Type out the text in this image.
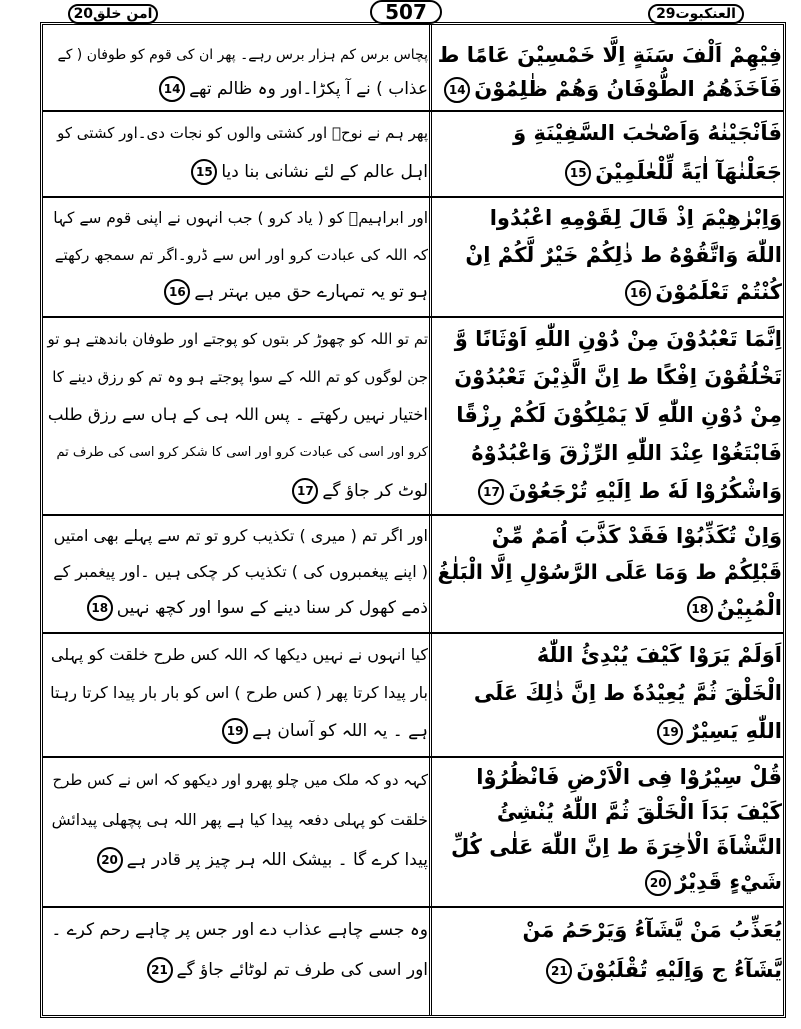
امن خلق20	507	العنکبوت29
فِيْهِمْ اَلْفَ سَنَةٍ اِلَّا خَمْسِيْنَ عَامًا ط
فَاَخَذَهُمُ الطُّوْفَانُ وَهُمْ ظٰلِمُوْنَ14
پچاس برس کم ہزار برس رہے۔ پھر ان کی قوم کو طوفان ( کے
عذاب ) نے آ پکڑا۔اور وہ ظالم تھے14
فَاَنْجَيْنٰهُ وَاَصْحٰبَ السَّفِيْنَةِ وَ
جَعَلْنٰهَآ اٰيَةً لِّلْعٰلَمِيْنَ15
پھر ہم نے نوحؑ اور کشتی والوں کو نجات دی۔اور کشتی کو
اہل عالم کے لئے نشانی بنا دیا15
وَاِبْرٰهِيْمَ اِذْ قَالَ لِقَوْمِهِ اعْبُدُوا
اللّٰهَ وَاتَّقُوْهُ ط ذٰلِكُمْ خَيْرٌ لَّكُمْ اِنْ
كُنْتُمْ تَعْلَمُوْنَ16
اور ابراہیمؑ کو ( یاد کرو ) جب انہوں نے اپنی قوم سے کہا
کہ اللہ کی عبادت کرو اور اس سے ڈرو۔اگر تم سمجھ رکھتے
ہو تو یہ تمہارے حق میں بہتر ہے16
اِنَّمَا تَعْبُدُوْنَ مِنْ دُوْنِ اللّٰهِ اَوْثَانًا وَّ
تَخْلُقُوْنَ اِفْكًا ط اِنَّ الَّذِيْنَ تَعْبُدُوْنَ
مِنْ دُوْنِ اللّٰهِ لَا يَمْلِكُوْنَ لَكُمْ رِزْقًا
فَابْتَغُوْا عِنْدَ اللّٰهِ الرِّزْقَ وَاعْبُدُوْهُ
وَاشْكُرُوْا لَهٗ ط اِلَيْهِ تُرْجَعُوْنَ17
تم تو اللہ کو چھوڑ کر بتوں کو پوجتے اور طوفان باندھتے ہو تو
جن لوگوں کو تم اللہ کے سوا پوجتے ہو وہ تم کو رزق دینے کا
اختیار نہیں رکھتے ۔ پس اللہ ہی کے ہاں سے رزق طلب
کرو اور اسی کی عبادت کرو اور اسی کا شکر کرو اسی کی طرف تم
لوٹ کر جاؤ گے17
وَاِنْ تُكَذِّبُوْا فَقَدْ كَذَّبَ اُمَمٌ مِّنْ
قَبْلِكُمْ ط وَمَا عَلَى الرَّسُوْلِ اِلَّا الْبَلٰغُ
الْمُبِيْنُ18
اور اگر تم ( میری ) تکذیب کرو تو تم سے پہلے بھی امتیں
( اپنے پیغمبروں کی ) تکذیب کر چکی ہیں ۔اور پیغمبر کے
ذمے کھول کر سنا دینے کے سوا اور کچھ نہیں18
اَوَلَمْ يَرَوْا كَيْفَ يُبْدِئُ اللّٰهُ
الْخَلْقَ ثُمَّ يُعِيْدُهٗ ط اِنَّ ذٰلِكَ عَلَى
اللّٰهِ يَسِيْرٌ19
کیا انہوں نے نہیں دیکھا کہ اللہ کس طرح خلقت کو پہلی
بار پیدا کرتا پھر ( کس طرح ) اس کو بار بار پیدا کرتا رہتا
ہے ۔ یہ اللہ کو آسان ہے19
قُلْ سِيْرُوْا فِى الْاَرْضِ فَانْظُرُوْا
كَيْفَ بَدَاَ الْخَلْقَ ثُمَّ اللّٰهُ يُنْشِئُ
النَّشْاَةَ الْاٰخِرَةَ ط اِنَّ اللّٰهَ عَلٰى كُلِّ
شَيْءٍ قَدِيْرٌ20
کہہ دو کہ ملک میں چلو پھرو اور دیکھو کہ اس نے کس طرح
خلقت کو پہلی دفعہ پیدا کیا ہے پھر اللہ ہی پچھلی پیدائش
پیدا کرے گا ۔ بیشک اللہ ہر چیز پر قادر ہے20
يُعَذِّبُ مَنْ يَّشَآءُ وَيَرْحَمُ مَنْ
يَّشَآءُ ج وَاِلَيْهِ تُقْلَبُوْنَ21
وہ جسے چاہے عذاب دے اور جس پر چاہے رحم کرے ۔
اور اسی کی طرف تم لوٹائے جاؤ گے21
